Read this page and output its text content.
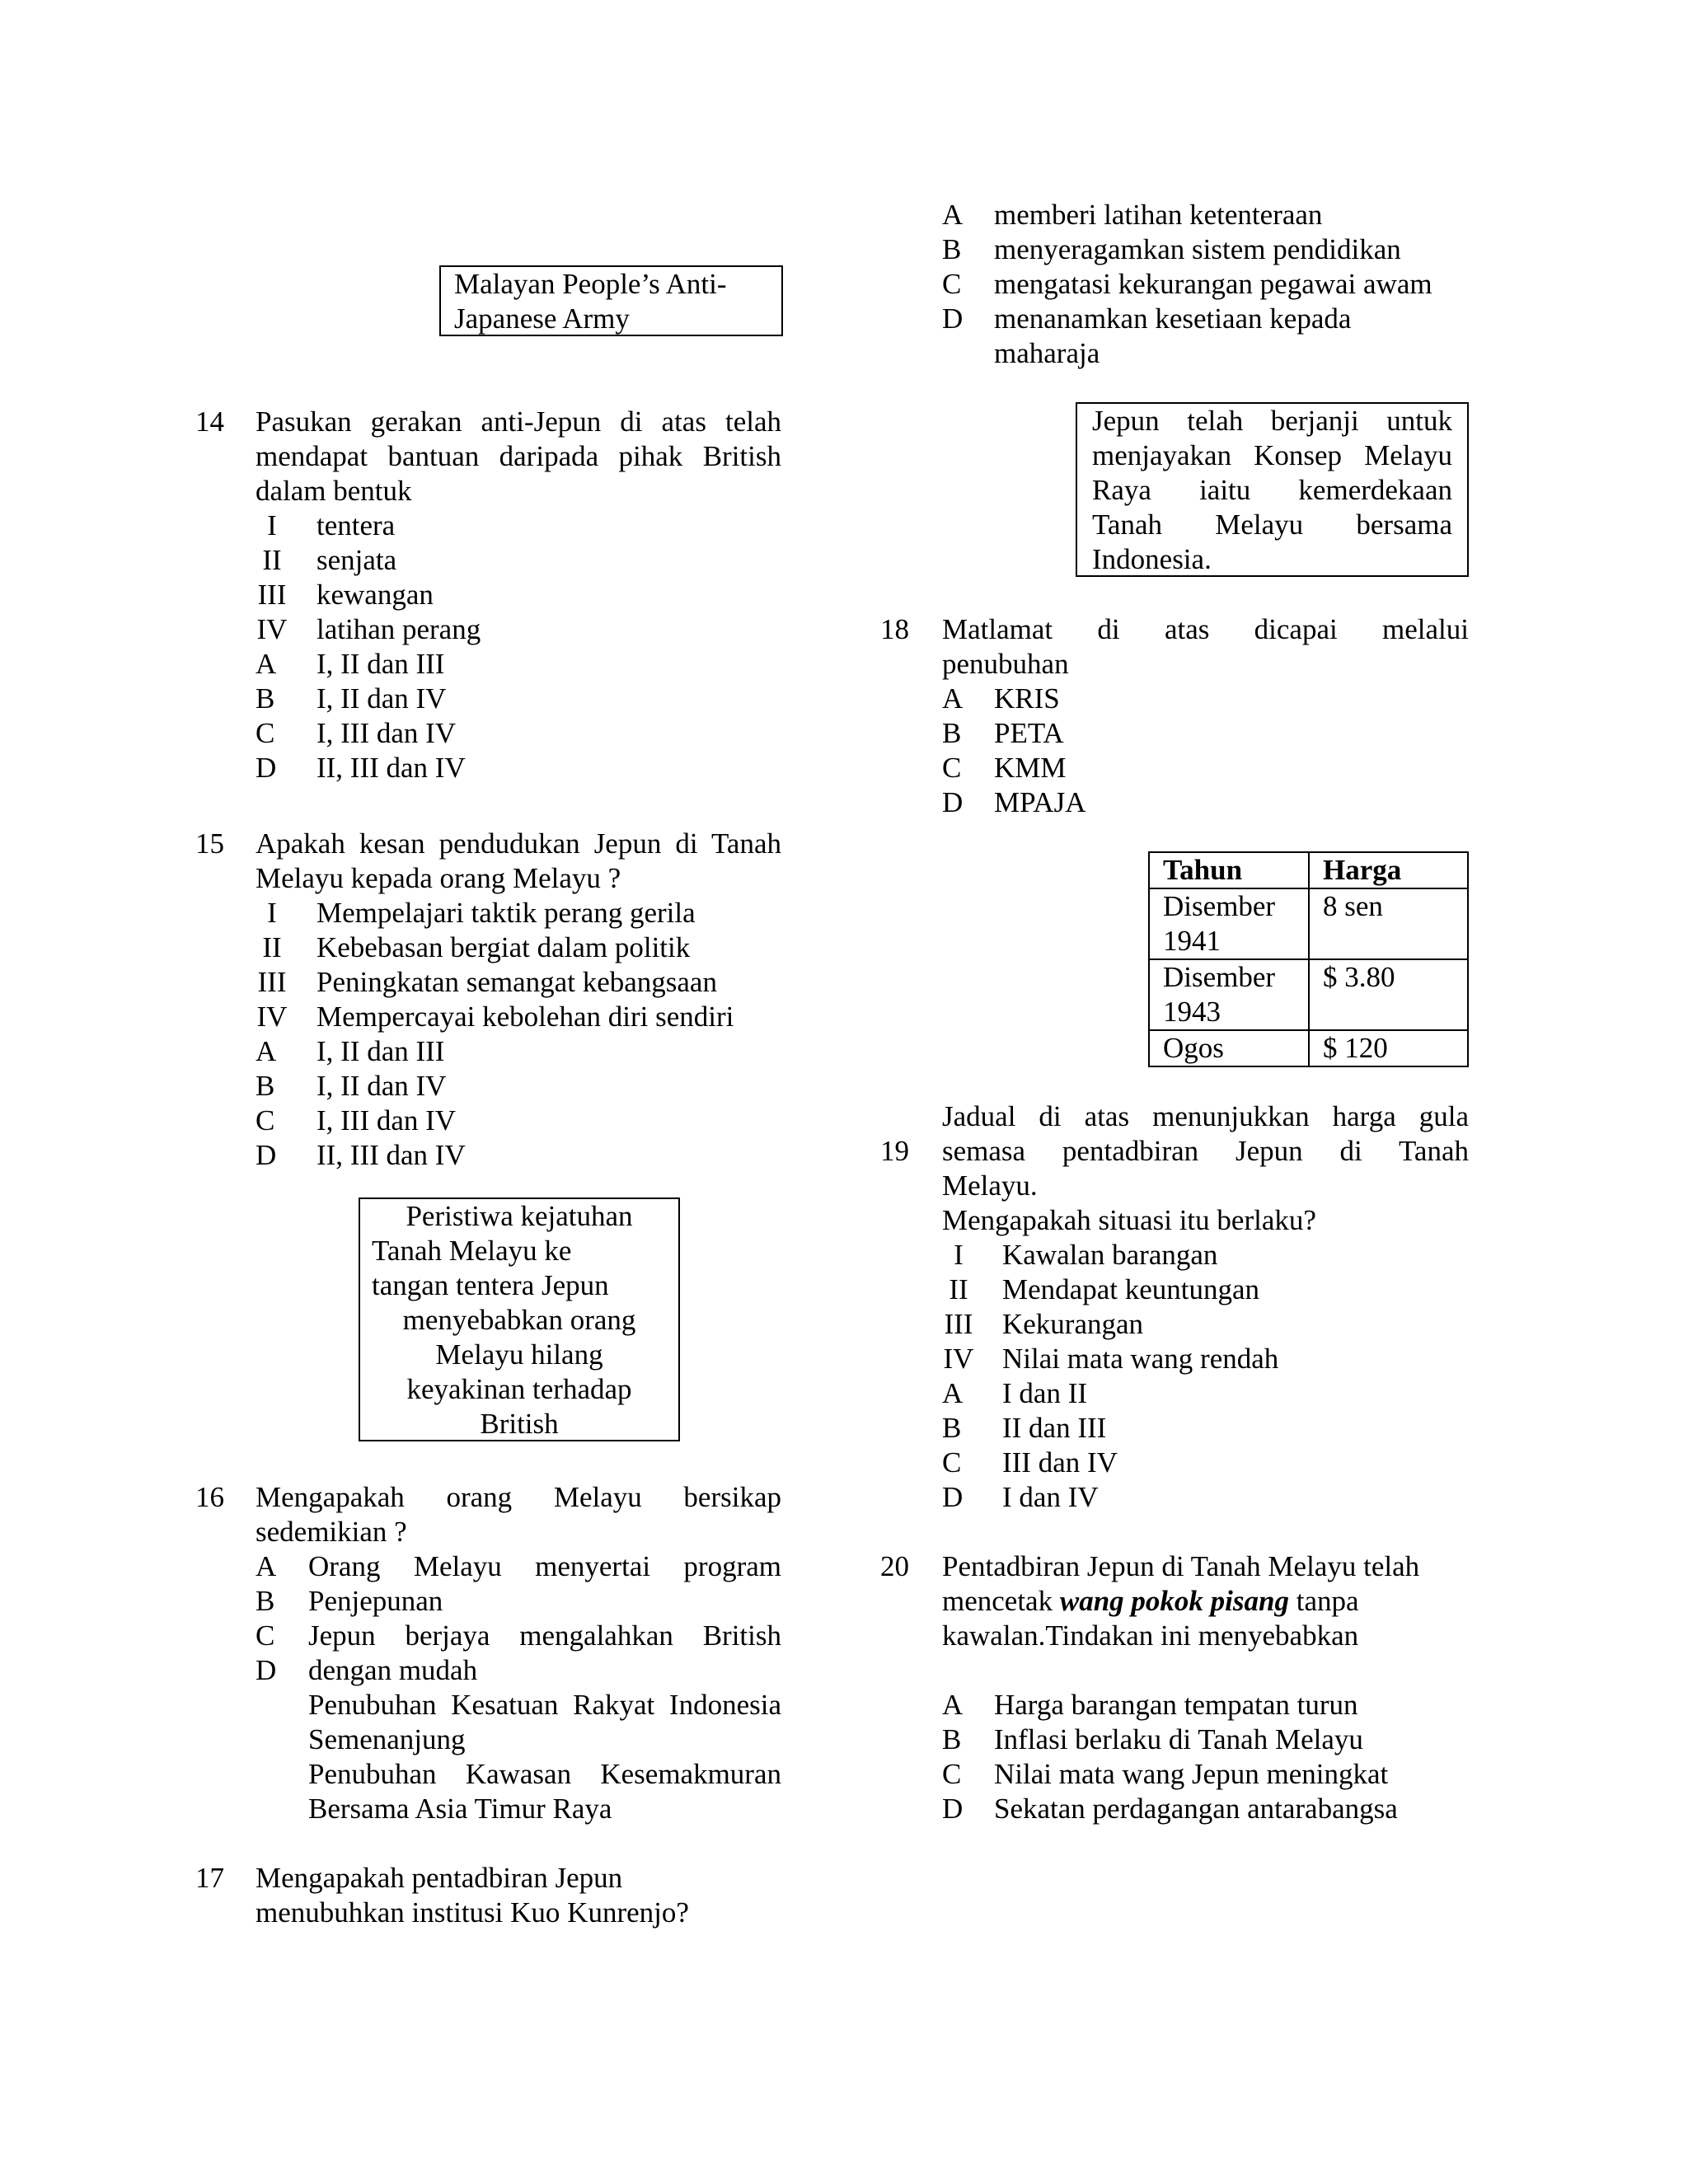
Malayan People’s Anti-
Japanese Army
14	Pasukan gerakan anti-Jepun di atas telah
mendapat bantuan daripada pihak British
dalam bentuk
I	tentera
II	senjata
III	kewangan
IV	latihan perang
A I, II dan III
B I, II dan IV
C I, III dan IV
D II, III dan IV
15	Apakah kesan pendudukan Jepun di Tanah
Melayu kepada orang Melayu ?
I	Mempelajari taktik perang gerila
II	Kebebasan bergiat dalam politik
III	Peningkatan semangat kebangsaan
IV	Mempercayai kebolehan diri sendiri
A I, II dan III
B I, II dan IV
C I, III dan IV
D II, III dan IV
Peristiwa kejatuhan
Tanah Melayu ke
tangan tentera Jepun
menyebabkan orang
Melayu hilang
keyakinan terhadap
British
16	Mengapakah orang Melayu bersikap
sedemikian ?
A
B
C
D
Orang Melayu menyertai program
Penjepunan
Jepun berjaya mengalahkan British
dengan mudah
Penubuhan Kesatuan Rakyat Indonesia
Semenanjung
Penubuhan Kawasan Kesemakmuran
Bersama Asia Timur Raya
17	Mengapakah pentadbiran Jepun
menubuhkan institusi Kuo Kunrenjo?
A memberi latihan ketenteraan
B menyeragamkan sistem pendidikan
C mengatasi kekurangan pegawai awam
D menanamkan kesetiaan kepada
maharaja
Jepun telah berjanji untuk
menjayakan Konsep Melayu
Raya iaitu kemerdekaan
Tanah Melayu bersama
Indonesia.
18	Matlamat di atas dicapai melalui
penubuhan
A KRIS
B PETA
C KMM
D MPAJA
Tahun	Harga

Disember
1941	8 sen

Disember
1943	$ 3.80
Ogos	$ 120
Jadual di atas menunjukkan harga gula
19	semasa pentadbiran Jepun di Tanah
Melayu.
Mengapakah situasi itu berlaku?
I	Kawalan barangan
II	Mendapat keuntungan
III	Kekurangan
IV Nilai mata wang rendah
A I dan II
B II dan III
C III dan IV
D I dan IV
20	Pentadbiran Jepun di Tanah Melayu telah
mencetak wang pokok pisang tanpa
kawalan.Tindakan ini menyebabkan
A Harga barangan tempatan turun
B Inflasi berlaku di Tanah Melayu
C Nilai mata wang Jepun meningkat
D Sekatan perdagangan antarabangsa
